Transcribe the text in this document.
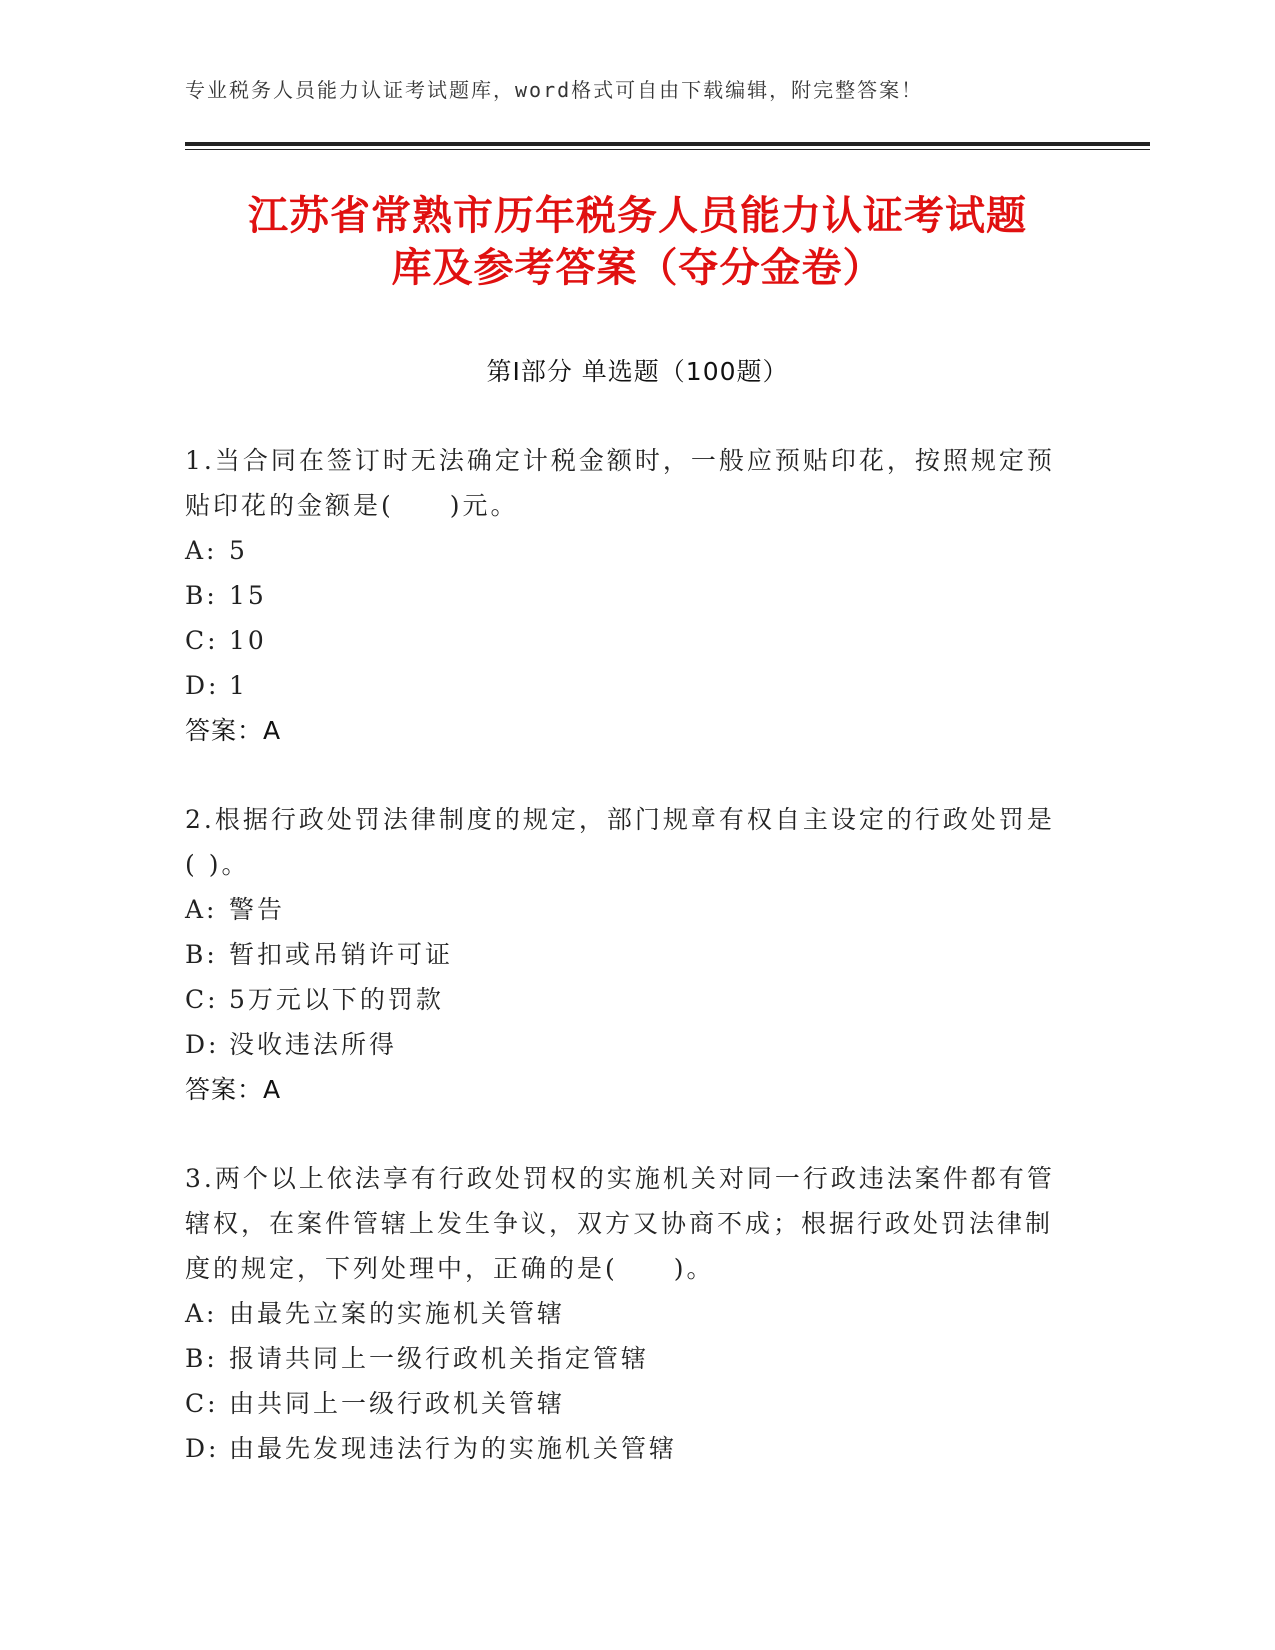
专业税务人员能力认证考试题库，word格式可自由下载编辑，附完整答案！
江苏省常熟市历年税务人员能力认证考试题
库及参考答案（夺分金卷）
第Ⅰ部分 单选题（100题）

1.当合同在签订时无法确定计税金额时，一般应预贴印花，按照规定预贴印花的金额是(　　)元。

A: 5
B: 15
C: 10
D: 1
答案：A

2.根据行政处罚法律制度的规定，部门规章有权自主设定的行政处罚是( )。

A: 警告
B: 暂扣或吊销许可证
C: 5万元以下的罚款
D: 没收违法所得
答案：A

3.两个以上依法享有行政处罚权的实施机关对同一行政违法案件都有管辖权，在案件管辖上发生争议，双方又协商不成；根据行政处罚法律制度的规定，下列处理中，正确的是(　　)。

A: 由最先立案的实施机关管辖
B: 报请共同上一级行政机关指定管辖
C: 由共同上一级行政机关管辖
D: 由最先发现违法行为的实施机关管辖
